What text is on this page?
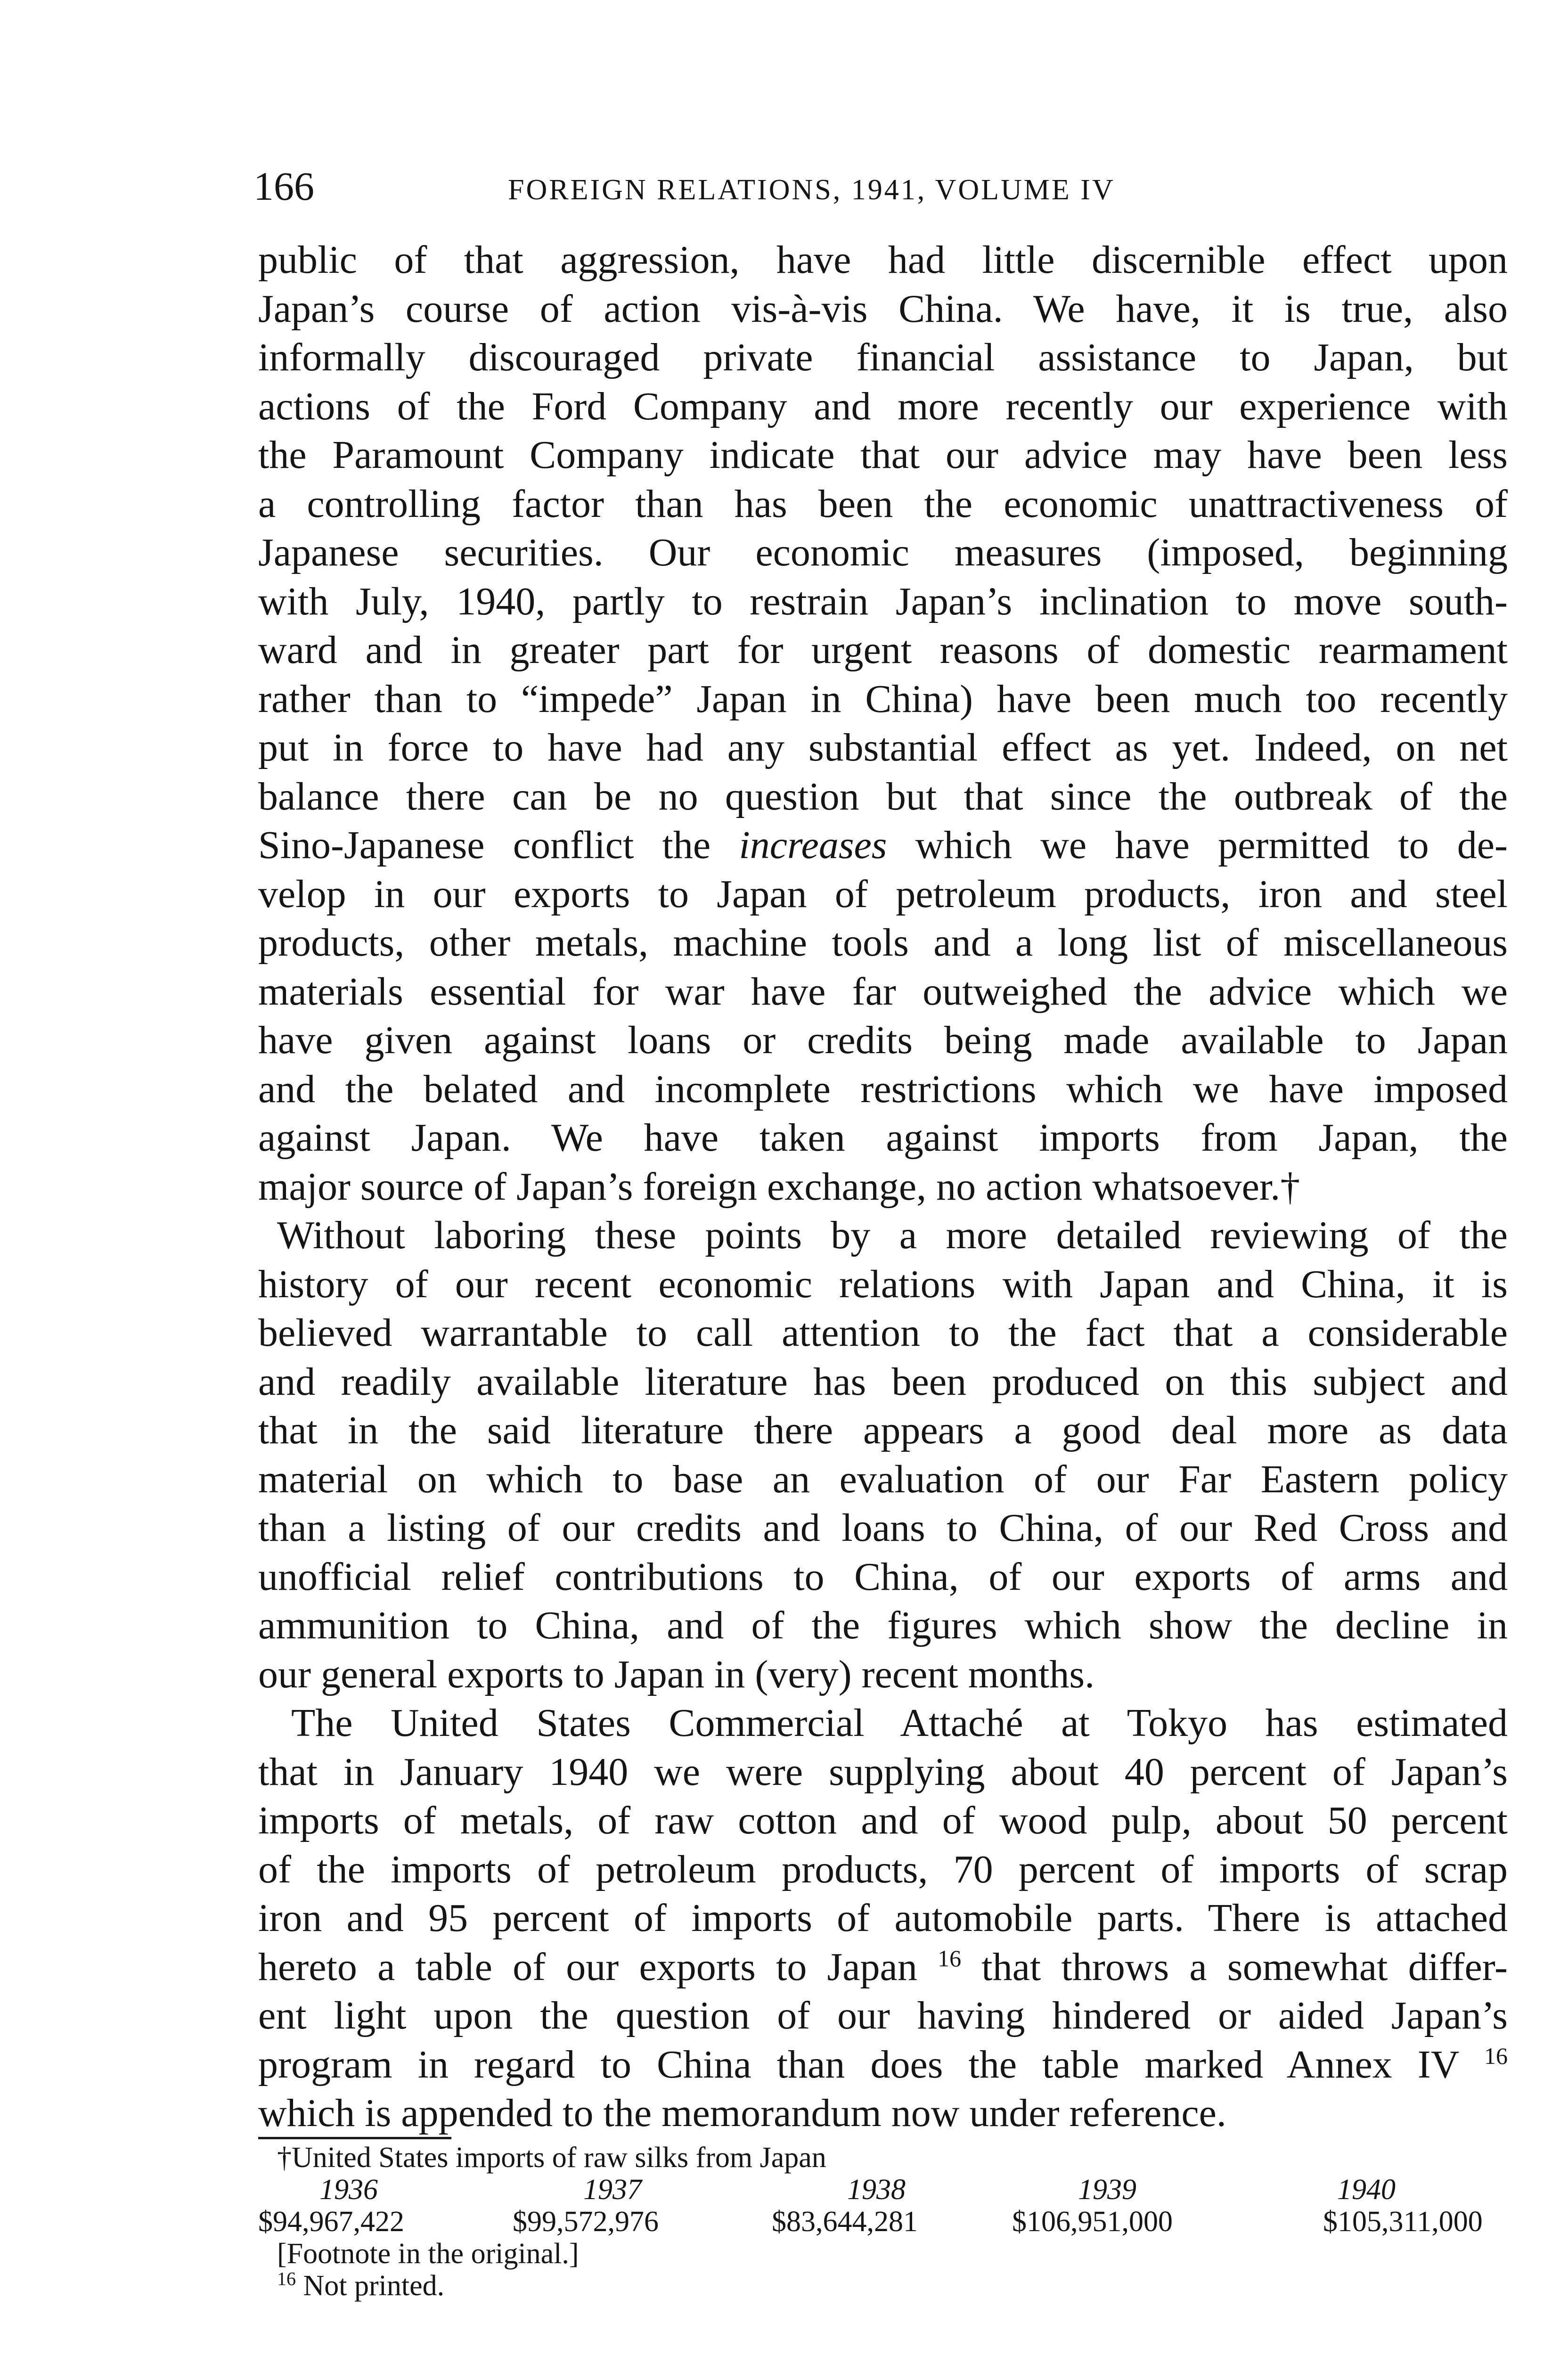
166	FOREIGN RELATIONS, 1941, VOLUME IV
public of that aggression, have had little discernible effect upon
Japan’s course of action vis-à-vis China. We have, it is true, also
informally discouraged private financial assistance to Japan, but
actions of the Ford Company and more recently our experience with
the Paramount Company indicate that our advice may have been less
a controlling factor than has been the economic unattractiveness of
Japanese securities. Our economic measures (imposed, beginning
with July, 1940, partly to restrain Japan’s inclination to move south-
ward and in greater part for urgent reasons of domestic rearmament
rather than to “impede” Japan in China) have been much too recently
put in force to have had any substantial effect as yet. Indeed, on net
balance there can be no question but that since the outbreak of the
Sino-Japanese conflict the increases which we have permitted to de-
velop in our exports to Japan of petroleum products, iron and steel
products, other metals, machine tools and a long list of miscellaneous
materials essential for war have far outweighed the advice which we
have given against loans or credits being made available to Japan
and the belated and incomplete restrictions which we have imposed
against Japan. We have taken against imports from Japan, the
major source of Japan’s foreign exchange, no action whatsoever.†
Without laboring these points by a more detailed reviewing of the
history of our recent economic relations with Japan and China, it is
believed warrantable to call attention to the fact that a considerable
and readily available literature has been produced on this subject and
that in the said literature there appears a good deal more as data
material on which to base an evaluation of our Far Eastern policy
than a listing of our credits and loans to China, of our Red Cross and
unofficial relief contributions to China, of our exports of arms and
ammunition to China, and of the figures which show the decline in
our general exports to Japan in (very) recent months.
The United States Commercial Attaché at Tokyo has estimated
that in January 1940 we were supplying about 40 percent of Japan’s
imports of metals, of raw cotton and of wood pulp, about 50 percent
of the imports of petroleum products, 70 percent of imports of scrap
iron and 95 percent of imports of automobile parts. There is attached
hereto a table of our exports to Japan $^{16}$ that throws a somewhat differ-
ent light upon the question of our having hindered or aided Japan’s
program in regard to China than does the table marked Annex IV $^{16}$
which is appended to the memorandum now under reference.
†United States imports of raw silks from Japan
1936	1937	1938	1939	1940
$94,967,422	$99,572,976	$83,644,281	$106,951,000	$105,311,000
[Footnote in the original.]
$^{16}$ Not printed.
